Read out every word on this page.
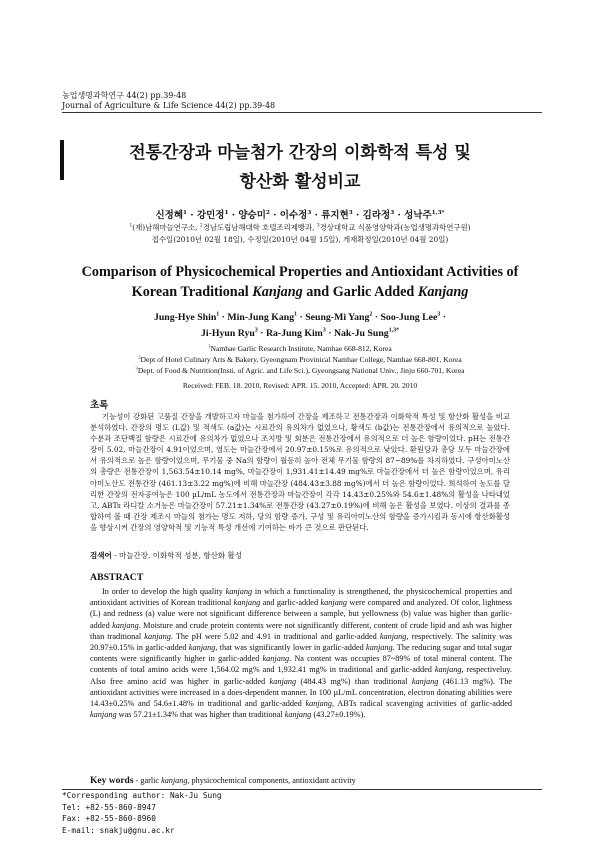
농업생명과학연구 44(2) pp.39-48
Journal of Agriculture & Life Science 44(2) pp.39-48
전통간장과 마늘첨가 간장의 이화학적 특성 및
항산화 활성비교
신정혜$^1$ · 강민정$^1$ · 양승미$^2$ · 이수정$^3$ · 류지현$^3$ · 김라정$^3$ · 성낙주$^{1,3*}$
$^1$(재)남해마늘연구소, $^2$경남도립남해대학 호텔조리제빵과, $^3$경상대학교 식품영양학과(농업생명과학연구원)
접수일(2010년 02월 18일), 수정일(2010년 04월 15일), 게재확정일(2010년 04월 20일)
Comparison of Physicochemical Properties and Antioxidant Activities of
Korean Traditional Kanjang and Garlic Added Kanjang
Jung-Hye Shin$^1$ · Min-Jung Kang$^1$ · Seung-Mi Yang$^2$ · Soo-Jung Lee$^3$ ·
Ji-Hyun Ryu$^3$ · Ra-Jung Kim$^3$ · Nak-Ju Sung$^{1,3*}$
$^1$Namhae Garlic Research Institute, Namhae 668-812, Korea
$^2$Dept of Hotel Culinary Arts & Bakery, Gyeongnam Provinical Namhae College, Namhae 668-801, Korea
$^3$Dept. of Food & Nutrition(Insti. of Agric. and Life Sci.), Gyeongsang National Univ., Jinju 660-701, Korea
Received: FEB. 18. 2010, Revised: APR. 15. 2010, Accepted: APR. 20. 2010
초록

기능성이 강화된 고품질 간장을 개발하고자 마늘을 첨가하여 간장을 제조하고 전통간장과 이화학적 특성 및 항산화 활성을 비교 분석하였다. 간장의 명도 (L값) 및 적색도 (a값)는 시료간의 유의차가 없었으나, 황색도 (b값)는 전통간장에서 유의적으로 높았다. 수분과 조단백질 함량은 시료간에 유의차가 없었으나 조지방 및 회분은 전통간장에서 유의적으로 더 높은 함량이었다. pH는 전통간장이 5.02, 마늘간장이 4.91이었으며, 염도는 마늘간장에서 20.97±0.15%로 유의적으로 낮았다. 환원당과 총당 모두 마늘간장에서 유의적으로 높은 함량이었으며, 무기물 중 Na의 함량이 월등히 높아 전체 무기물 함량의 87~89%를 차지하였다. 구성아미노산의 총량은 전통간장이 1,563.54±10.14 mg%, 마늘간장이 1,931.41±14.49 mg%로 마늘간장에서 더 높은 함량이었으며, 유리아미노산도 전통간장 (461.13±3.22 mg%)에 비해 마늘간장 (484.43±3.88 mg%)에서 더 높은 함량이었다. 희석하여 농도를 달리한 간장의 전자공여능은 100 µL/mL 농도에서 전통간장과 마늘간장이 각각 14.43±0.25%와 54.6±1.48%의 활성을 나타내었고, ABTs 라디칼 소거능은 마늘간장이 57.21±1.34%로 전통간장 (43.27±0.19%)에 비해 높은 활성을 보였다. 이상의 결과를 종합하여 볼 때 간장 제조시 마늘의 첨가는 명도 저하, 당의 함량 증가, 구성 및 유리아미노산의 함량을 증가시킴과 동시에 항산화활성을 향상시켜 간장의 영양학적 및 기능적 특성 개선에 기여하는 바가 큰 것으로 판단된다.

검색어 - 마늘간장, 이화학적 성분, 항산화 활성
ABSTRACT

In order to develop the high quality kanjang in which a functionality is strengthened, the physicochemical properties and antioxidant activities of Korean traditional kanjang and garlic-added kanjang were compared and analyzed. Of color, lightness (L) and redness (a) value were not significant difference between a sample, but yellowness (b) value was higher than garlic-added kanjang. Moisture and crude protein contents were not significantly different, content of crude lipid and ash was higher than traditional kanjang. The pH were 5.02 and 4.91 in traditional and garlic-added kanjang, respectively. The salinity was 20.97±0.15% in garlic-added kanjang, that was significantly lower in garlic-added kanjang. The reducing sugar and total sugar contents were significantly higher in garlic-added kanjang. Na content was occupies 87~89% of total mineral content. The contents of total amino acids were 1,564.02 mg% and 1,932.41 mg% in traditional and garlic-added kanjang, respectiveluy. Also free amino acid was higher in garlic-added kanjang (484.43 mg%) than traditional kanjang (461.13 mg%). The antioxidant activities were increased in a does-dependent manner. In 100 µL/mL concentration, electron donating abilities were 14.43±0.25% and 54.6±1.48% in traditional and garlic-added kanjang, ABTs radical scavenging activities of garlic-added kanjang was 57.21±1.34% that was higher than traditional kanjang (43.27±0.19%).

Key words - garlic kanjang, physicochemical components, antioxidant activity
*Corresponding author: Nak-Ju Sung
Tel: +82-55-860-8947
Fax: +82-55-860-8960
E-mail: snakju@gnu.ac.kr
